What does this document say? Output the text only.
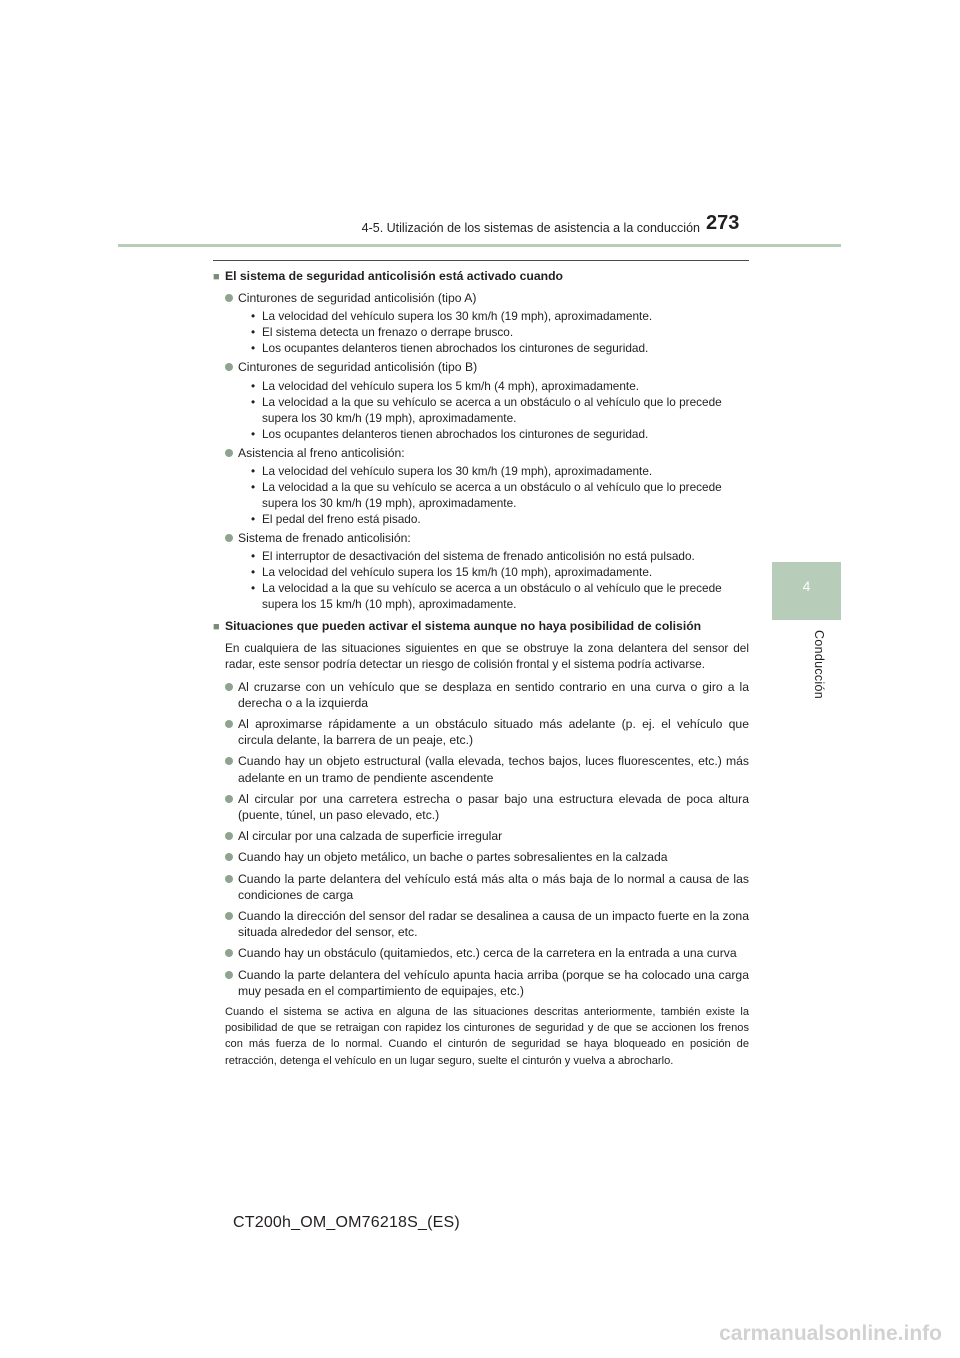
4-5. Utilización de los sistemas de asistencia a la conducción 273
4
Conducción
■ El sistema de seguridad anticolisión está activado cuando
Cinturones de seguridad anticolisión (tipo A)
• La velocidad del vehículo supera los 30 km/h (19 mph), aproximadamente.
• El sistema detecta un frenazo o derrape brusco.
• Los ocupantes delanteros tienen abrochados los cinturones de seguridad.
Cinturones de seguridad anticolisión (tipo B)
• La velocidad del vehículo supera los 5 km/h (4 mph), aproximadamente.
• La velocidad a la que su vehículo se acerca a un obstáculo o al vehículo que lo precede supera los 30 km/h (19 mph), aproximadamente.
• Los ocupantes delanteros tienen abrochados los cinturones de seguridad.
Asistencia al freno anticolisión:
• La velocidad del vehículo supera los 30 km/h (19 mph), aproximadamente.
• La velocidad a la que su vehículo se acerca a un obstáculo o al vehículo que lo precede supera los 30 km/h (19 mph), aproximadamente.
• El pedal del freno está pisado.
Sistema de frenado anticolisión:
• El interruptor de desactivación del sistema de frenado anticolisión no está pulsado.
• La velocidad del vehículo supera los 15 km/h (10 mph), aproximadamente.
• La velocidad a la que su vehículo se acerca a un obstáculo o al vehículo que le precede supera los 15 km/h (10 mph), aproximadamente.
■ Situaciones que pueden activar el sistema aunque no haya posibilidad de colisión
En cualquiera de las situaciones siguientes en que se obstruye la zona delantera del sensor del radar, este sensor podría detectar un riesgo de colisión frontal y el sistema podría activarse.
Al cruzarse con un vehículo que se desplaza en sentido contrario en una curva o giro a la derecha o a la izquierda
Al aproximarse rápidamente a un obstáculo situado más adelante (p. ej. el vehículo que circula delante, la barrera de un peaje, etc.)
Cuando hay un objeto estructural (valla elevada, techos bajos, luces fluorescentes, etc.) más adelante en un tramo de pendiente ascendente
Al circular por una carretera estrecha o pasar bajo una estructura elevada de poca altura (puente, túnel, un paso elevado, etc.)
Al circular por una calzada de superficie irregular
Cuando hay un objeto metálico, un bache o partes sobresalientes en la calzada
Cuando la parte delantera del vehículo está más alta o más baja de lo normal a causa de las condiciones de carga
Cuando la dirección del sensor del radar se desalinea a causa de un impacto fuerte en la zona situada alrededor del sensor, etc.
Cuando hay un obstáculo (quitamiedos, etc.) cerca de la carretera en la entrada a una curva
Cuando la parte delantera del vehículo apunta hacia arriba (porque se ha colocado una carga muy pesada en el compartimiento de equipajes, etc.)
Cuando el sistema se activa en alguna de las situaciones descritas anteriormente, también existe la posibilidad de que se retraigan con rapidez los cinturones de seguridad y de que se accionen los frenos con más fuerza de lo normal. Cuando el cinturón de seguridad se haya bloqueado en posición de retracción, detenga el vehículo en un lugar seguro, suelte el cinturón y vuelva a abrocharlo.
CT200h_OM_OM76218S_(ES)
carmanualsonline.info
